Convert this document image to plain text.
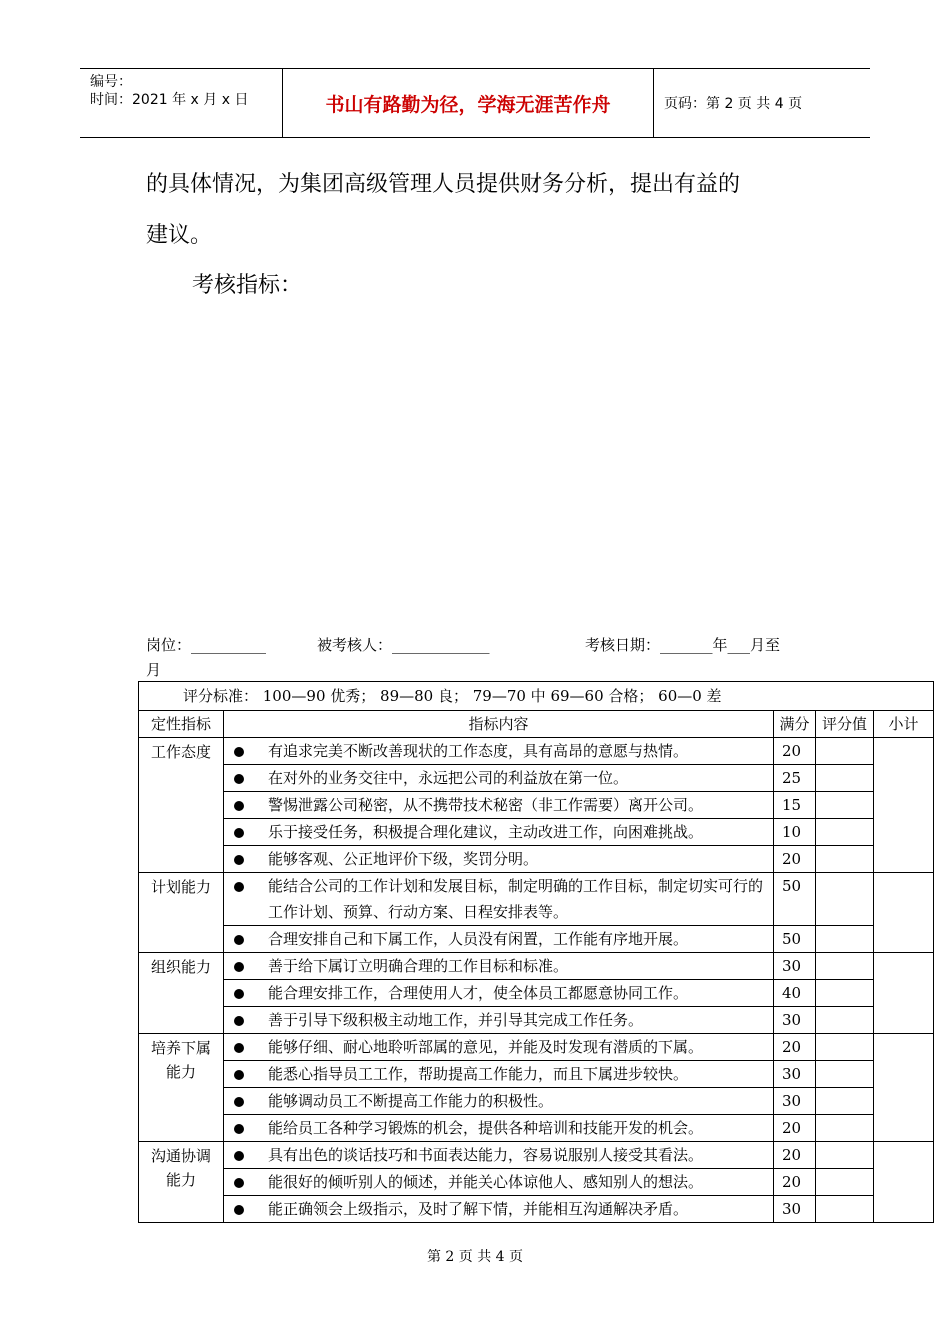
编号：
时间：2021 年 x 月 x 日	书山有路勤为径，学海无涯苦作舟	页码：第 2 页 共 4 页
的具体情况，为集团高级管理人员提供财务分析，提出有益的
建议。
考核指标：
岗位：__________	被考核人：_____________	考核日期：_______年___月至
月
评分标准： 100—90 优秀； 89—80 良； 79—70 中 69—60 合格； 60—0 差				
定性指标	指标内容	满分	评分值	小计
工作态度	有追求完美不断改善现状的工作态度，具有高昂的意愿与热情。	20		

	在对外的业务交往中，永远把公司的利益放在第一位。	25		

	警惕泄露公司秘密，从不携带技术秘密（非工作需要）离开公司。	15		

	乐于接受任务，积极提合理化建议，主动改进工作，向困难挑战。	10		

	能够客观、公正地评价下级，奖罚分明。	20		
计划能力	能结合公司的工作计划和发展目标，制定明确的工作目标，制定切实可行的工作计划、预算、行动方案、日程安排表等。	50		

	合理安排自己和下属工作，人员没有闲置，工作能有序地开展。	50		
组织能力	善于给下属订立明确合理的工作目标和标准。	30		

	能合理安排工作，合理使用人才，使全体员工都愿意协同工作。	40		

	善于引导下级积极主动地工作，并引导其完成工作任务。	30		

培养下属
能力	能够仔细、耐心地聆听部属的意见，并能及时发现有潜质的下属。	20		

	能悉心指导员工工作，帮助提高工作能力，而且下属进步较快。	30		

	能够调动员工不断提高工作能力的积极性。	30		

	能给员工各种学习锻炼的机会，提供各种培训和技能开发的机会。	20		

沟通协调
能力	具有出色的谈话技巧和书面表达能力，容易说服别人接受其看法。	20		

	能很好的倾听别人的倾述，并能关心体谅他人、感知别人的想法。	20		

	能正确领会上级指示，及时了解下情，并能相互沟通解决矛盾。	30		
第 2 页 共 4 页
